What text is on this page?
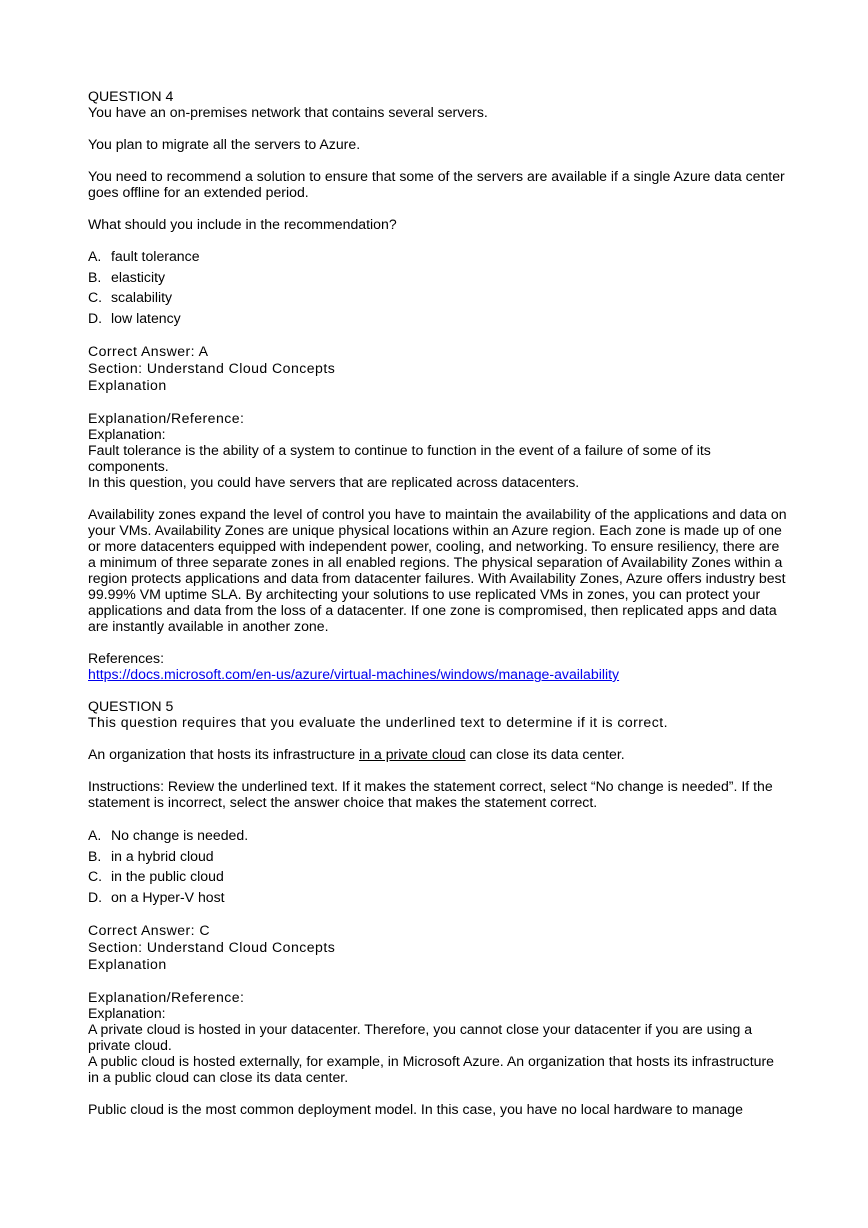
QUESTION 4
You have an on-premises network that contains several servers.
You plan to migrate all the servers to Azure.
You need to recommend a solution to ensure that some of the servers are available if a single Azure data center goes offline for an extended period.
What should you include in the recommendation?
A. fault tolerance
B. elasticity
C. scalability
D. low latency
Correct Answer: A
Section: Understand Cloud Concepts
Explanation
Explanation/Reference:
Explanation:
Fault tolerance is the ability of a system to continue to function in the event of a failure of some of its components.
In this question, you could have servers that are replicated across datacenters.
Availability zones expand the level of control you have to maintain the availability of the applications and data on your VMs. Availability Zones are unique physical locations within an Azure region. Each zone is made up of one or more datacenters equipped with independent power, cooling, and networking. To ensure resiliency, there are a minimum of three separate zones in all enabled regions. The physical separation of Availability Zones within a region protects applications and data from datacenter failures. With Availability Zones, Azure offers industry best 99.99% VM uptime SLA. By architecting your solutions to use replicated VMs in zones, you can protect your applications and data from the loss of a datacenter. If one zone is compromised, then replicated apps and data are instantly available in another zone.
References:
https://docs.microsoft.com/en-us/azure/virtual-machines/windows/manage-availability
QUESTION 5
This question requires that you evaluate the underlined text to determine if it is correct.
An organization that hosts its infrastructure in a private cloud can close its data center.
Instructions: Review the underlined text. If it makes the statement correct, select “No change is needed”. If the statement is incorrect, select the answer choice that makes the statement correct.
A. No change is needed.
B. in a hybrid cloud
C. in the public cloud
D. on a Hyper-V host
Correct Answer: C
Section: Understand Cloud Concepts
Explanation
Explanation/Reference:
Explanation:
A private cloud is hosted in your datacenter. Therefore, you cannot close your datacenter if you are using a private cloud.
A public cloud is hosted externally, for example, in Microsoft Azure. An organization that hosts its infrastructure in a public cloud can close its data center.
Public cloud is the most common deployment model. In this case, you have no local hardware to manage
